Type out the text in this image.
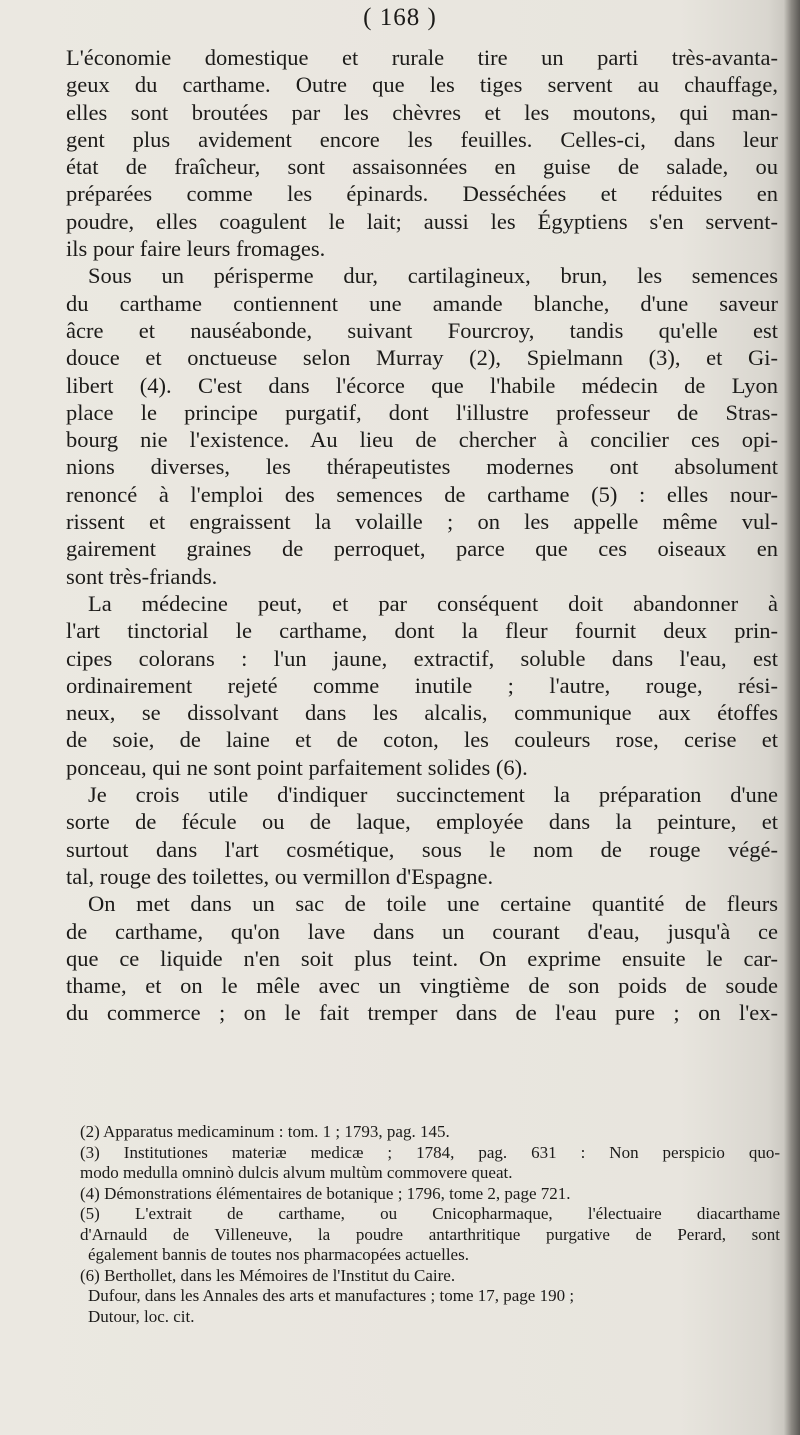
( 168 )
L'économie domestique et rurale tire un parti très-avanta-
geux du carthame. Outre que les tiges servent au chauffage,
elles sont broutées par les chèvres et les moutons, qui man-
gent plus avidement encore les feuilles. Celles-ci, dans leur
état de fraîcheur, sont assaisonnées en guise de salade, ou
préparées comme les épinards. Desséchées et réduites en
poudre, elles coagulent le lait; aussi les Égyptiens s'en servent-
ils pour faire leurs fromages.
Sous un périsperme dur, cartilagineux, brun, les semences
du carthame contiennent une amande blanche, d'une saveur
âcre et nauséabonde, suivant Fourcroy, tandis qu'elle est
douce et onctueuse selon Murray (2), Spielmann (3), et Gi-
libert (4). C'est dans l'écorce que l'habile médecin de Lyon
place le principe purgatif, dont l'illustre professeur de Stras-
bourg nie l'existence. Au lieu de chercher à concilier ces opi-
nions diverses, les thérapeutistes modernes ont absolument
renoncé à l'emploi des semences de carthame (5) : elles nour-
rissent et engraissent la volaille ; on les appelle même vul-
gairement graines de perroquet, parce que ces oiseaux en
sont très-friands.
La médecine peut, et par conséquent doit abandonner à
l'art tinctorial le carthame, dont la fleur fournit deux prin-
cipes colorans : l'un jaune, extractif, soluble dans l'eau, est
ordinairement rejeté comme inutile ; l'autre, rouge, rési-
neux, se dissolvant dans les alcalis, communique aux étoffes
de soie, de laine et de coton, les couleurs rose, cerise et
ponceau, qui ne sont point parfaitement solides (6).
Je crois utile d'indiquer succinctement la préparation d'une
sorte de fécule ou de laque, employée dans la peinture, et
surtout dans l'art cosmétique, sous le nom de rouge végé-
tal, rouge des toilettes, ou vermillon d'Espagne.
On met dans un sac de toile une certaine quantité de fleurs
de carthame, qu'on lave dans un courant d'eau, jusqu'à ce
que ce liquide n'en soit plus teint. On exprime ensuite le car-
thame, et on le mêle avec un vingtième de son poids de soude
du commerce ; on le fait tremper dans de l'eau pure ; on l'ex-
(2) Apparatus medicaminum : tom. 1 ; 1793, pag. 145.
(3) Institutiones materiæ medicæ ; 1784, pag. 631 : Non perspicio quo-
modo medulla omninò dulcis alvum multùm commovere queat.
(4) Démonstrations élémentaires de botanique ; 1796, tome 2, page 721.
(5) L'extrait de carthame, ou Cnicopharmaque, l'électuaire diacarthame
d'Arnauld de Villeneuve, la poudre antarthritique purgative de Perard, sont
également bannis de toutes nos pharmacopées actuelles.
(6) Berthollet, dans les Mémoires de l'Institut du Caire.
Dufour, dans les Annales des arts et manufactures ; tome 17, page 190 ;
Dutour, loc. cit.
